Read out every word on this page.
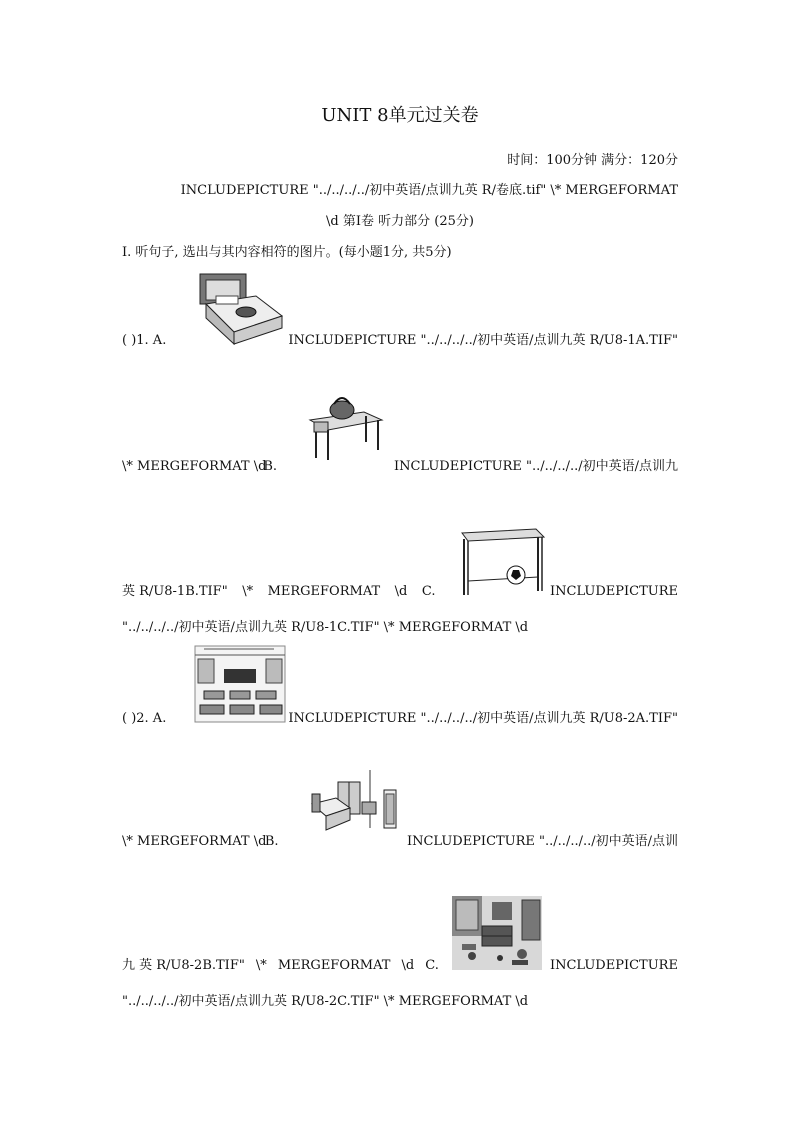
UNIT 8单元过关卷
时间：100分钟 满分：120分
INCLUDEPICTURE "../../../../初中英语/点训九英 R/卷底.tif" \* MERGEFORMAT
\d 第Ⅰ卷 听力部分 (25分)
Ⅰ. 听句子, 选出与其内容相符的图片。(每小题1分, 共5分)
( )1. A.	INCLUDEPICTURE "../../../../初中英语/点训九英 R/U8-1A.TIF"
\* MERGEFORMAT \d
B.	INCLUDEPICTURE "../../../../初中英语/点训九
英 R/U8-1B.TIF" \* MERGEFORMAT \d C.	INCLUDEPICTURE
"../../../../初中英语/点训九英 R/U8-1C.TIF" \* MERGEFORMAT \d
( )2. A.	INCLUDEPICTURE "../../../../初中英语/点训九英 R/U8-2A.TIF"
\* MERGEFORMAT \d
B.	INCLUDEPICTURE "../../../../初中英语/点训
九 英 R/U8-2B.TIF" \* MERGEFORMAT \d C.	INCLUDEPICTURE
"../../../../初中英语/点训九英 R/U8-2C.TIF" \* MERGEFORMAT \d
